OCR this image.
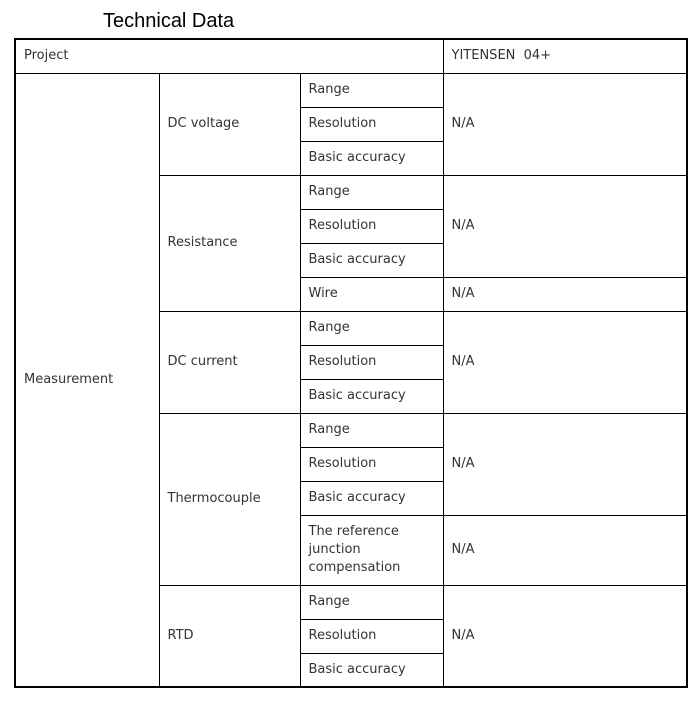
Technical Data
Project			YITENSEN  04+
Measurement	DC voltage	Range	N/A
		Resolution	
		Basic accuracy	
	Resistance	Range	N/A
		Resolution	
		Basic accuracy	
		Wire	N/A
	DC current	Range	N/A
		Resolution	
		Basic accuracy	
	Thermocouple	Range	N/A
		Resolution	
		Basic accuracy	
		The reference junction compensation	N/A
	RTD	Range	N/A
		Resolution	
		Basic accuracy	
